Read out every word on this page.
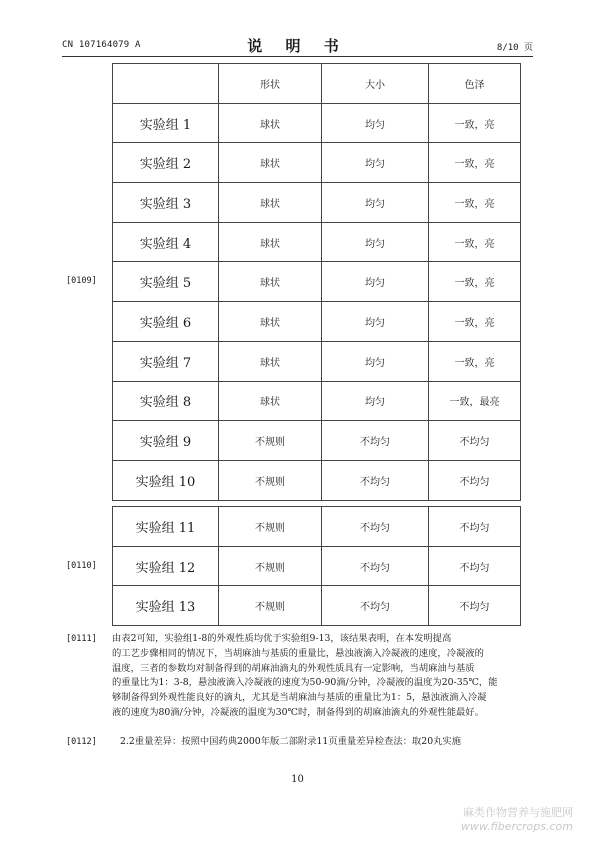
CN 107164079 A	说 明 书	8/10 页
[0109]
	形状	大小	色泽
实验组 1	球状	均匀	一致，亮
实验组 2	球状	均匀	一致，亮
实验组 3	球状	均匀	一致，亮
实验组 4	球状	均匀	一致，亮
实验组 5	球状	均匀	一致，亮
实验组 6	球状	均匀	一致，亮
实验组 7	球状	均匀	一致，亮
实验组 8	球状	均匀	一致，最亮
实验组 9	不规则	不均匀	不均匀
实验组 10	不规则	不均匀	不均匀
[0110]
实验组 11	不规则	不均匀	不均匀
实验组 12	不规则	不均匀	不均匀
实验组 13	不规则	不均匀	不均匀
[0111] 由表2可知，实验组1-8的外观性质均优于实验组9-13，该结果表明，在本发明提高
的工艺步骤相同的情况下，当胡麻油与基质的重量比，悬浊液滴入冷凝液的速度，冷凝液的
温度，三者的参数均对制备得到的胡麻油滴丸的外观性质具有一定影响，当胡麻油与基质
的重量比为1：3-8，悬浊液滴入冷凝液的速度为50-90滴/分钟，冷凝液的温度为20-35℃，能
够制备得到外观性能良好的滴丸，尤其是当胡麻油与基质的重量比为1：5，悬浊液滴入冷凝
液的速度为80滴/分钟，冷凝液的温度为30℃时，制备得到的胡麻油滴丸的外观性能最好。
[0112]	2.2重量差异：按照中国药典2000年版二部附录11页重量差异检查法：取20丸实施
10
麻类作物营养与施肥网
www.fibercrops.com
